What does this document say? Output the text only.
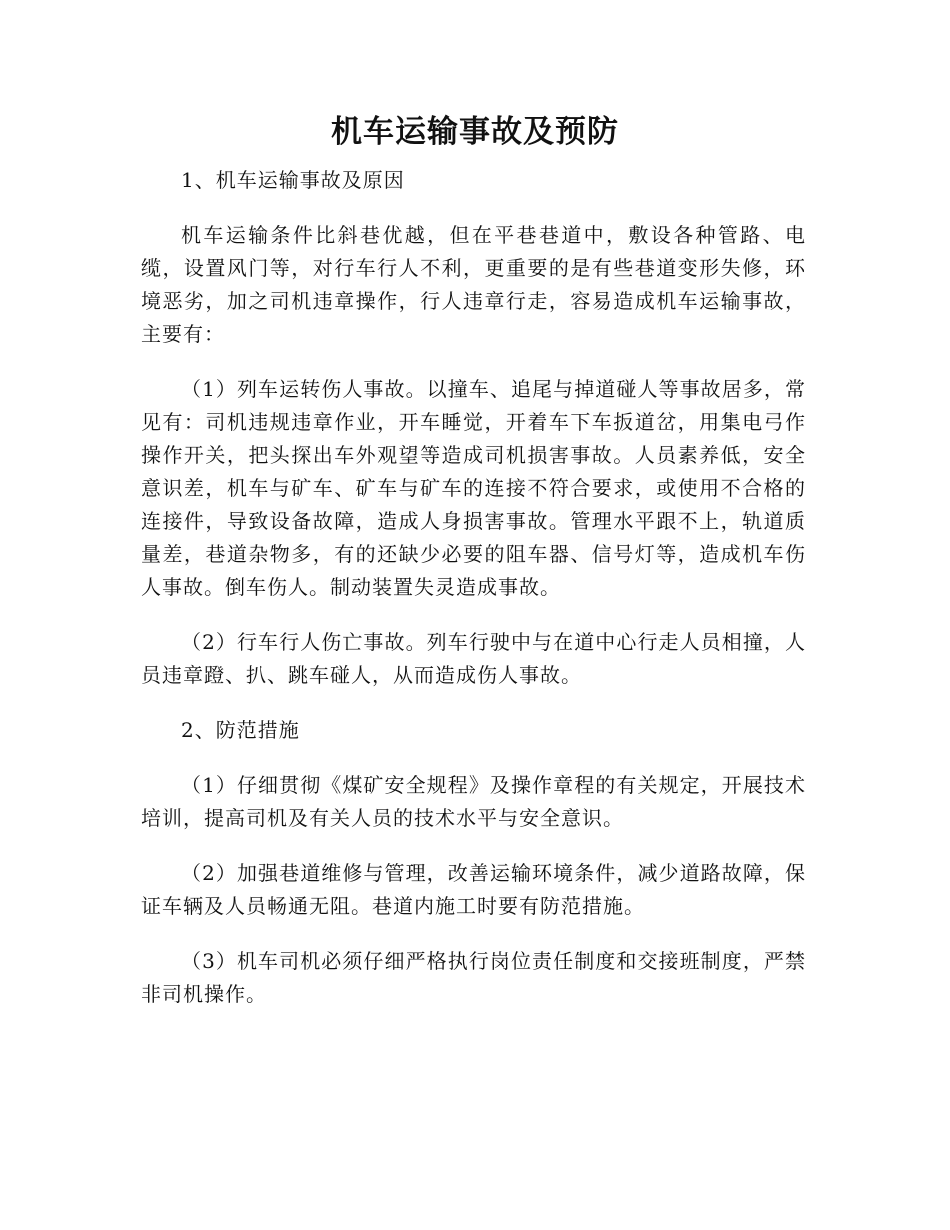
机车运输事故及预防

1、机车运输事故及原因

机车运输条件比斜巷优越，但在平巷巷道中，敷设各种管路、电缆，设置风门等，对行车行人不利，更重要的是有些巷道变形失修，环境恶劣，加之司机违章操作，行人违章行走，容易造成机车运输事故，主要有：

（1）列车运转伤人事故。以撞车、追尾与掉道碰人等事故居多，常见有：司机违规违章作业，开车睡觉，开着车下车扳道岔，用集电弓作操作开关，把头探出车外观望等造成司机损害事故。人员素养低，安全意识差，机车与矿车、矿车与矿车的连接不符合要求，或使用不合格的连接件，导致设备故障，造成人身损害事故。管理水平跟不上，轨道质量差，巷道杂物多，有的还缺少必要的阻车器、信号灯等，造成机车伤人事故。倒车伤人。制动装置失灵造成事故。

（2）行车行人伤亡事故。列车行驶中与在道中心行走人员相撞，人员违章蹬、扒、跳车碰人，从而造成伤人事故。

2、防范措施

（1）仔细贯彻《煤矿安全规程》及操作章程的有关规定，开展技术培训，提高司机及有关人员的技术水平与安全意识。

（2）加强巷道维修与管理，改善运输环境条件，减少道路故障，保证车辆及人员畅通无阻。巷道内施工时要有防范措施。

（3）机车司机必须仔细严格执行岗位责任制度和交接班制度，严禁非司机操作。
